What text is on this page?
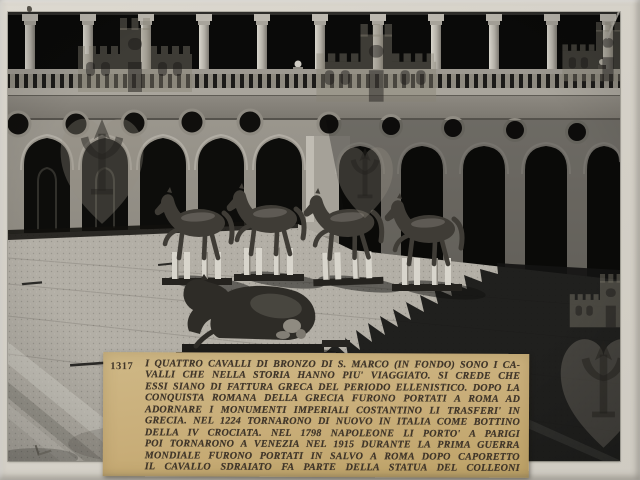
1317 I QUATTRO CAVALLI DI BRONZO DI S. MARCO (IN FONDO) SONO I CA-
VALLI CHE NELLA STORIA HANNO PIU' VIAGGIATO. SI CREDE CHE
ESSI SIANO DI FATTURA GRECA DEL PERIODO ELLENISTICO. DOPO LA
CONQUISTA ROMANA DELLA GRECIA FURONO PORTATI A ROMA AD
ADORNARE I MONUMENTI IMPERIALI COSTANTINO LI TRASFERI' IN
GRECIA. NEL 1224 TORNARONO DI NUOVO IN ITALIA COME BOTTINO
DELLA IV CROCIATA. NEL 1798 NAPOLEONE LI PORTO' A PARIGI
POI TORNARONO A VENEZIA NEL 1915 DURANTE LA PRIMA GUERRA
MONDIALE FURONO PORTATI IN SALVO A ROMA DOPO CAPORETTO
IL CAVALLO SDRAIATO FA PARTE DELLA STATUA DEL COLLEONI
